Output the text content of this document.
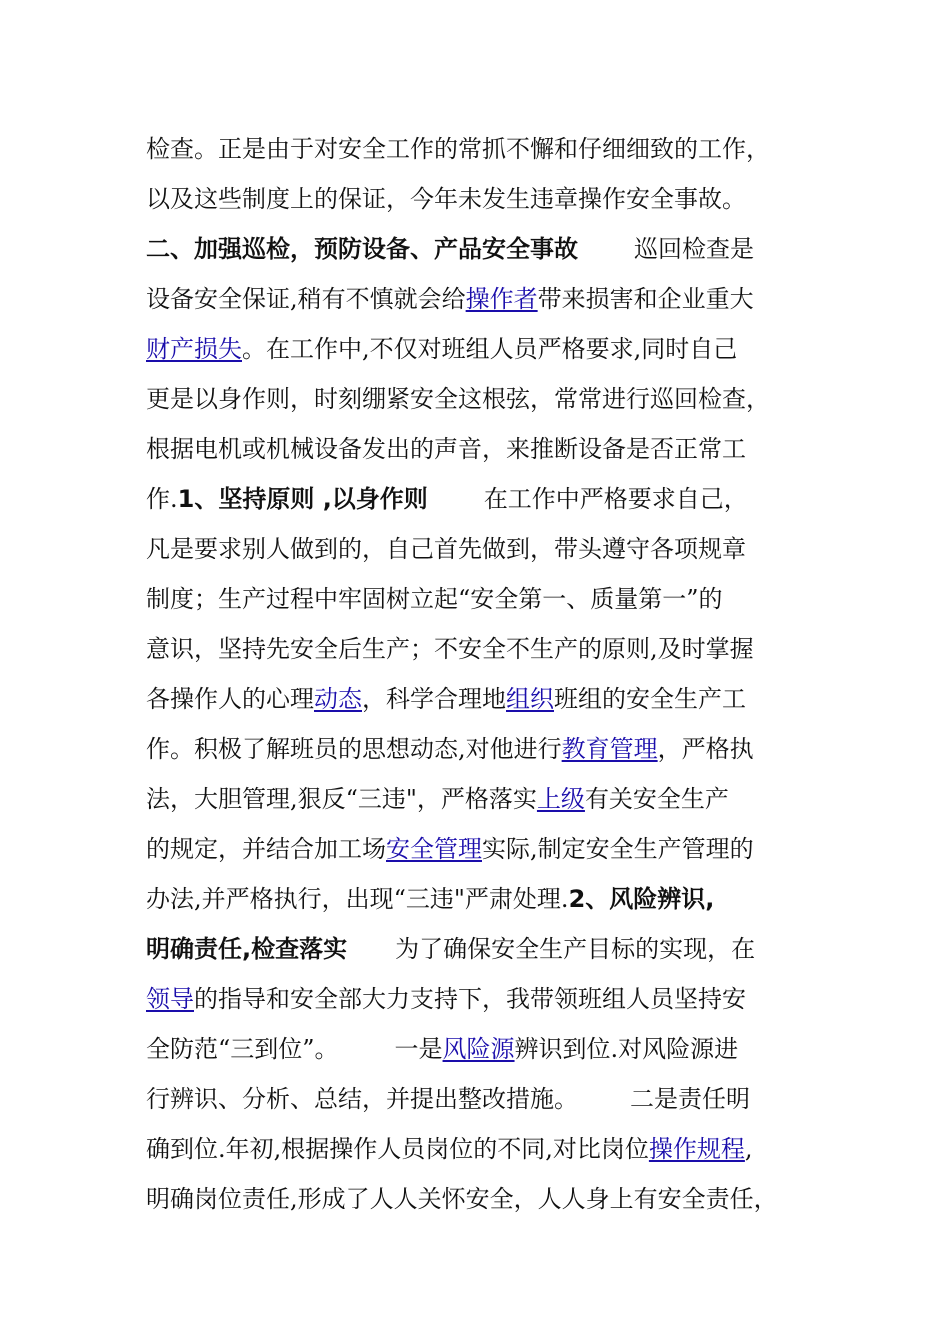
检查。正是由于对安全工作的常抓不懈和仔细细致的工作，
以及这些制度上的保证，今年未发生违章操作安全事故。
二、加强巡检，预防设备、产品安全事故 巡回检查是
设备安全保证,稍有不慎就会给操作者带来损害和企业重大
财产损失。在工作中,不仅对班组人员严格要求,同时自己
更是以身作则，时刻绷紧安全这根弦，常常进行巡回检查，
根据电机或机械设备发出的声音，来推断设备是否正常工
作.1、坚持原则 ,以身作则 在工作中严格要求自己，
凡是要求别人做到的，自己首先做到，带头遵守各项规章
制度；生产过程中牢固树立起“安全第一、质量第一”的
意识，坚持先安全后生产；不安全不生产的原则,及时掌握
各操作人的心理动态，科学合理地组织班组的安全生产工
作。积极了解班员的思想动态,对他进行教育管理，严格执
法，大胆管理,狠反“三违"，严格落实上级有关安全生产
的规定，并结合加工场安全管理实际,制定安全生产管理的
办法,并严格执行，出现“三违"严肃处理.2、风险辨识,
明确责任,检查落实 为了确保安全生产目标的实现，在
领导的指导和安全部大力支持下，我带领班组人员坚持安
全防范“三到位”。 一是风险源辨识到位.对风险源进
行辨识、分析、总结，并提出整改措施。 二是责任明
确到位.年初,根据操作人员岗位的不同,对比岗位操作规程,
明确岗位责任,形成了人人关怀安全，人人身上有安全责任，
